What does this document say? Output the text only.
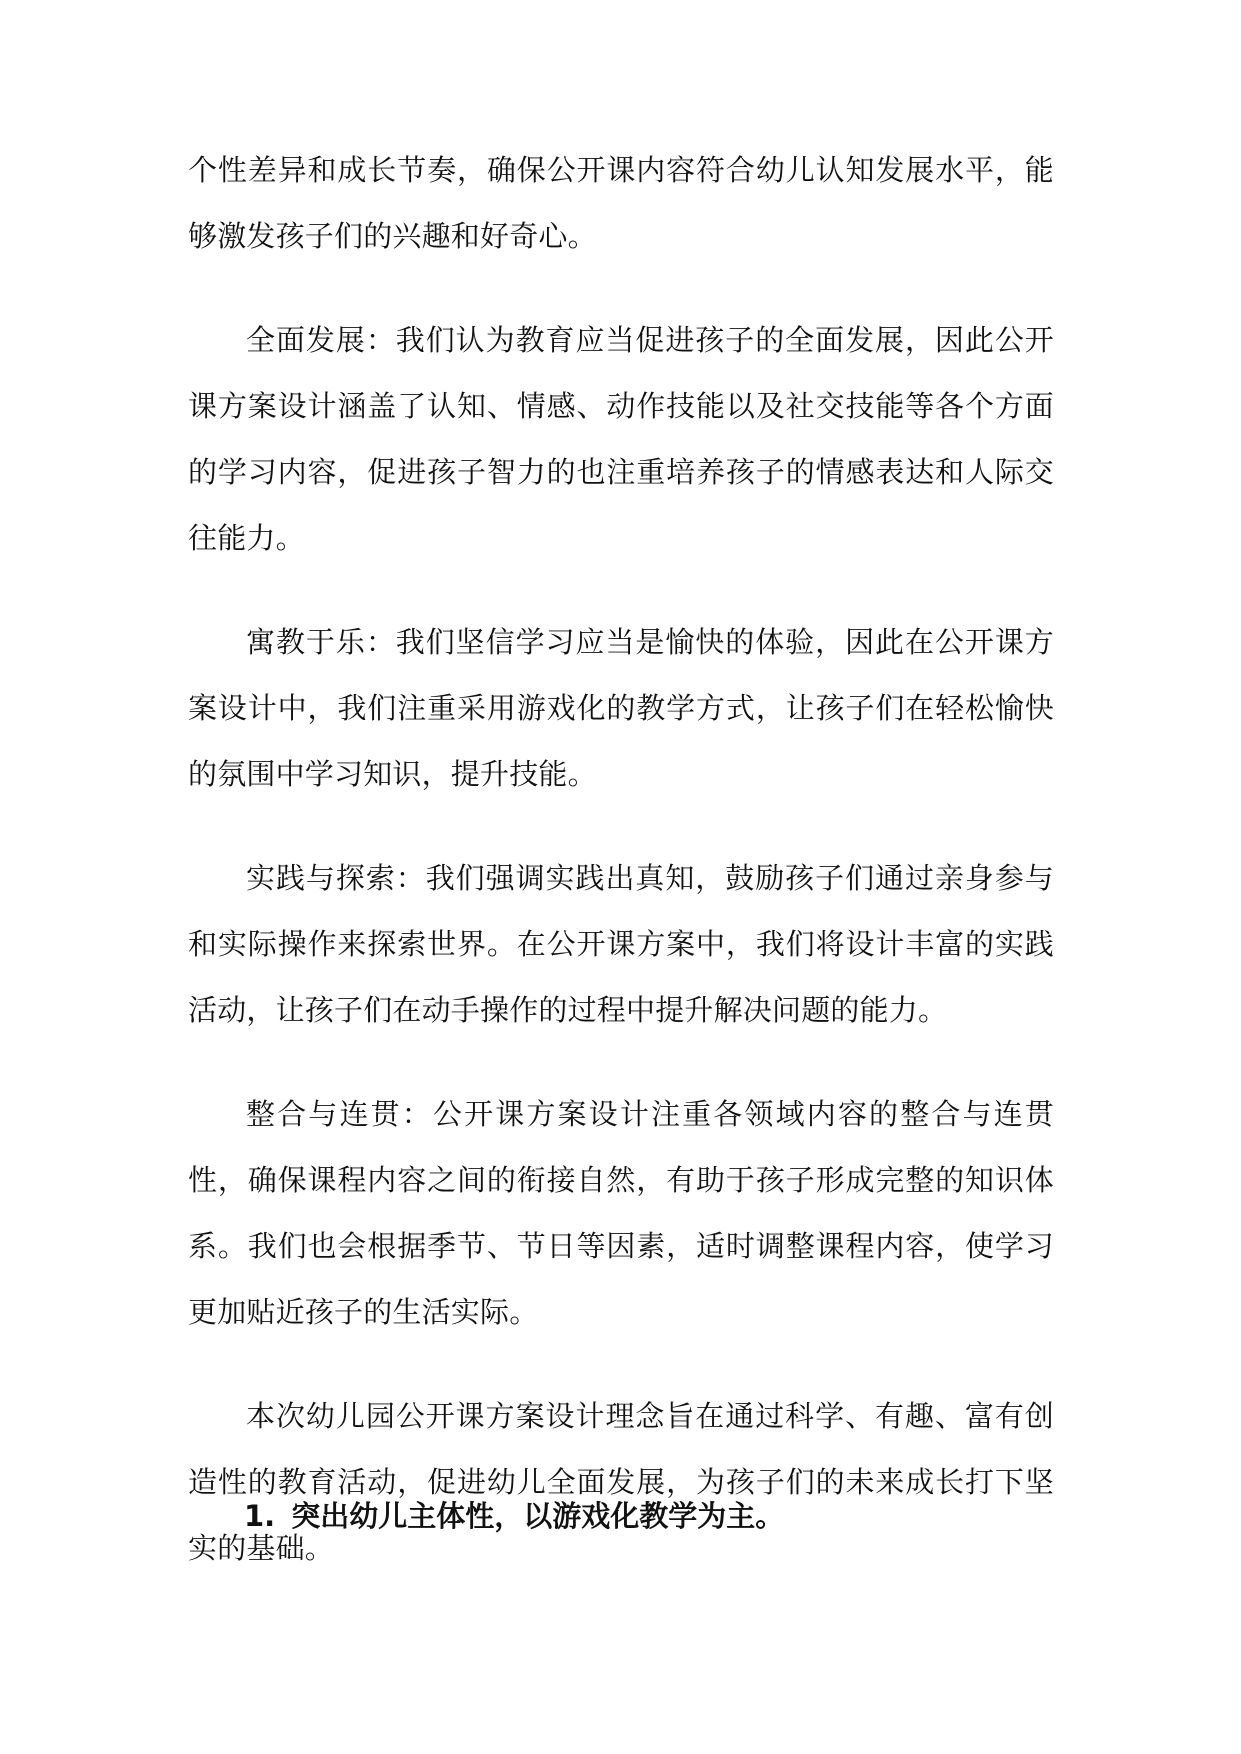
个性差异和成长节奏，确保公开课内容符合幼儿认知发展水平，能够激发孩子们的兴趣和好奇心。

全面发展：我们认为教育应当促进孩子的全面发展，因此公开课方案设计涵盖了认知、情感、动作技能以及社交技能等各个方面的学习内容，促进孩子智力的也注重培养孩子的情感表达和人际交往能力。

寓教于乐：我们坚信学习应当是愉快的体验，因此在公开课方案设计中，我们注重采用游戏化的教学方式，让孩子们在轻松愉快的氛围中学习知识，提升技能。

实践与探索：我们强调实践出真知，鼓励孩子们通过亲身参与和实际操作来探索世界。在公开课方案中，我们将设计丰富的实践活动，让孩子们在动手操作的过程中提升解决问题的能力。

整合与连贯：公开课方案设计注重各领域内容的整合与连贯性，确保课程内容之间的衔接自然，有助于孩子形成完整的知识体系。我们也会根据季节、节日等因素，适时调整课程内容，使学习更加贴近孩子的生活实际。

本次幼儿园公开课方案设计理念旨在通过科学、有趣、富有创造性的教育活动，促进幼儿全面发展，为孩子们的未来成长打下坚实的基础。

1. 突出幼儿主体性，以游戏化教学为主。
